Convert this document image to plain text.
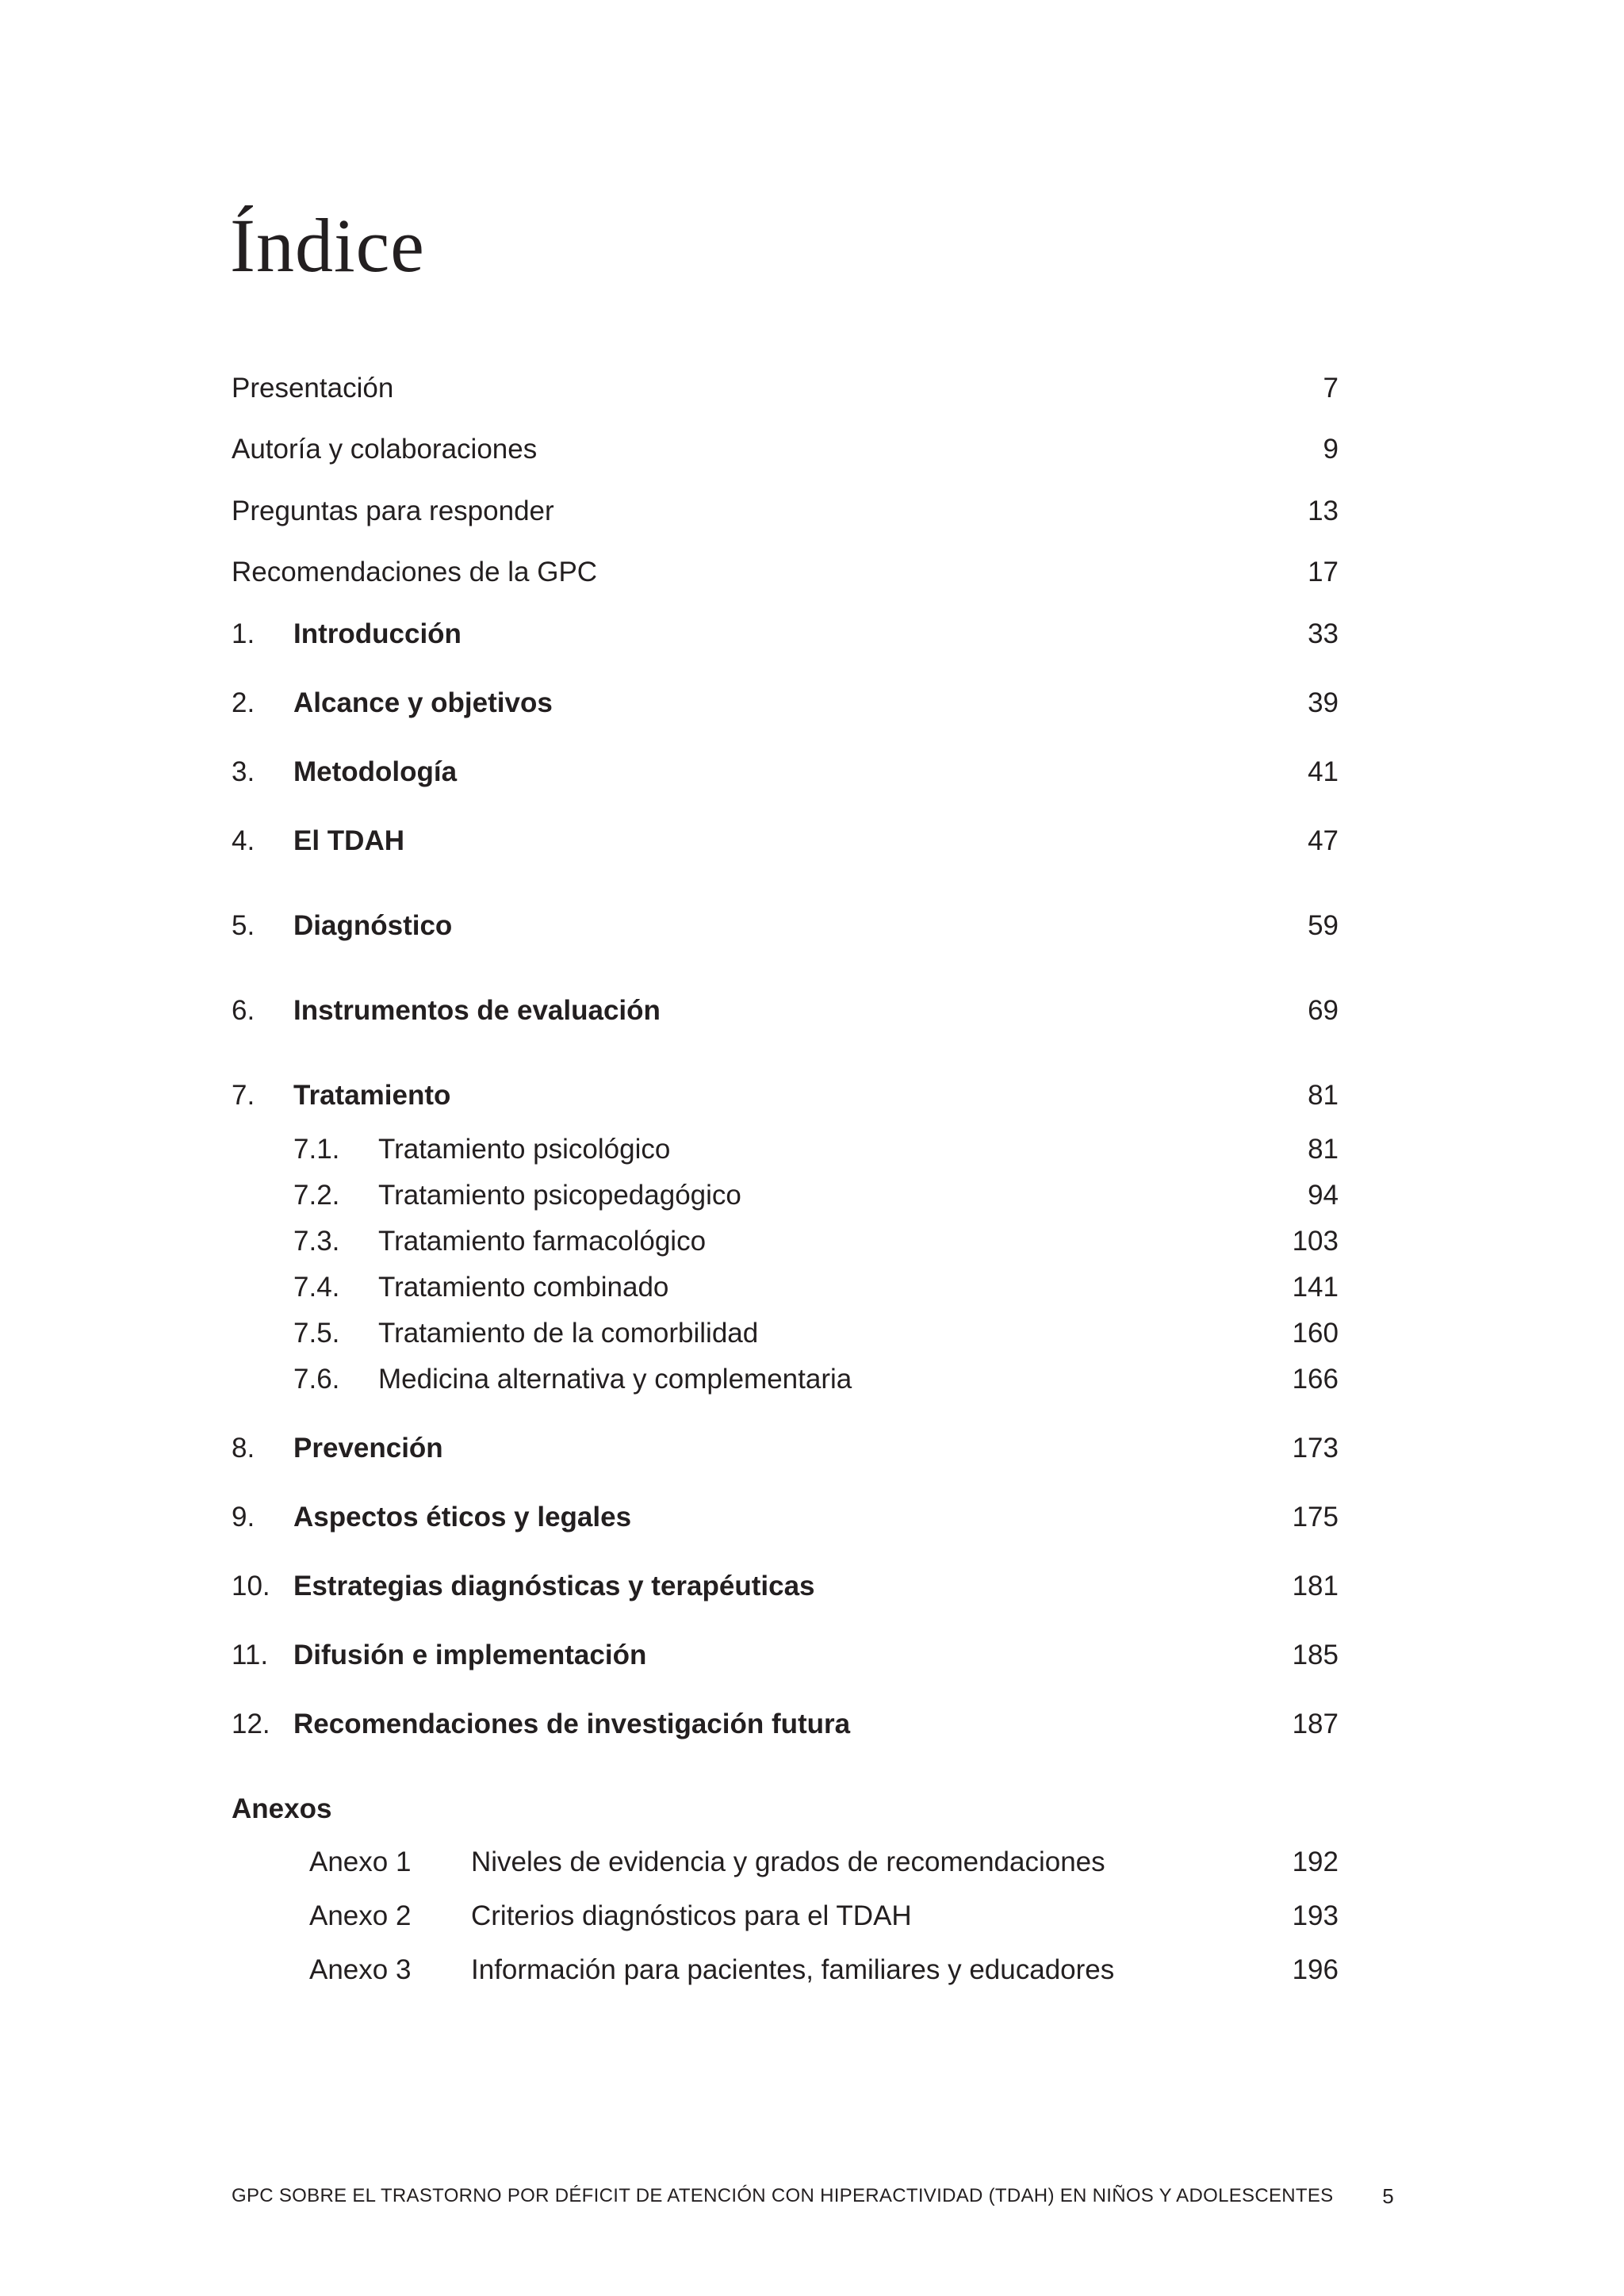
Índice
Presentación	7
Autoría y colaboraciones	9
Preguntas para responder	13
Recomendaciones de la GPC	17
1. Introducción	33
2. Alcance y objetivos	39
3. Metodología	41
4. El TDAH	47
5. Diagnóstico	59
6. Instrumentos de evaluación	69
7. Tratamiento	81
7.1. Tratamiento psicológico	81
7.2. Tratamiento psicopedagógico	94
7.3. Tratamiento farmacológico	103
7.4. Tratamiento combinado	141
7.5. Tratamiento de la comorbilidad	160
7.6. Medicina alternativa y complementaria	166
8. Prevención	173
9. Aspectos éticos y legales	175
10. Estrategias diagnósticas y terapéuticas	181
11. Difusión e implementación	185
12. Recomendaciones de investigación futura	187
Anexos
Anexo 1 Niveles de evidencia y grados de recomendaciones	192
Anexo 2 Criterios diagnósticos para el TDAH	193
Anexo 3 Información para pacientes, familiares y educadores	196
GPC SOBRE EL TRASTORNO POR DÉFICIT DE ATENCIÓN CON HIPERACTIVIDAD (TDAH) EN NIÑOS Y ADOLESCENTES 5
